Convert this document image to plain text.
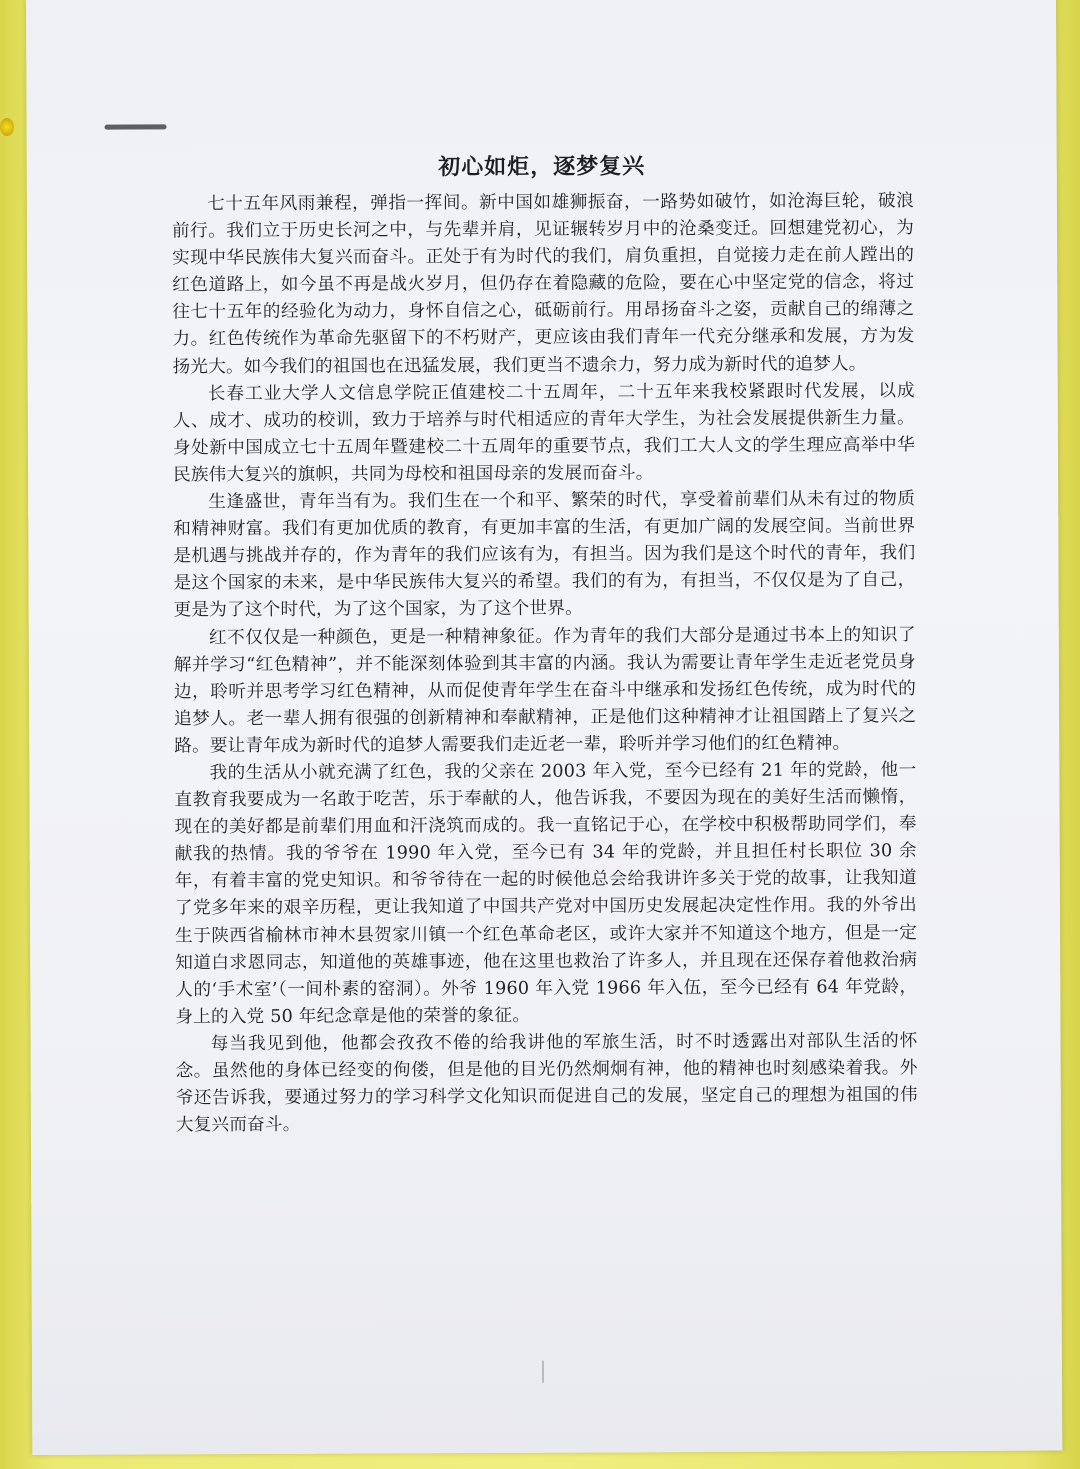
初心如炬，逐梦复兴

七十五年风雨兼程，弹指一挥间。新中国如雄狮振奋，一路势如破竹，如沧海巨轮，破浪前行。我们立于历史长河之中，与先辈并肩，见证辗转岁月中的沧桑变迁。回想建党初心，为实现中华民族伟大复兴而奋斗。正处于有为时代的我们，肩负重担，自觉接力走在前人蹚出的红色道路上，如今虽不再是战火岁月，但仍存在着隐藏的危险，要在心中坚定党的信念，将过往七十五年的经验化为动力，身怀自信之心，砥砺前行。用昂扬奋斗之姿，贡献自己的绵薄之力。红色传统作为革命先驱留下的不朽财产，更应该由我们青年一代充分继承和发展，方为发扬光大。如今我们的祖国也在迅猛发展，我们更当不遗余力，努力成为新时代的追梦人。

长春工业大学人文信息学院正值建校二十五周年，二十五年来我校紧跟时代发展，以成人、成才、成功的校训，致力于培养与时代相适应的青年大学生，为社会发展提供新生力量。身处新中国成立七十五周年暨建校二十五周年的重要节点，我们工大人文的学生理应高举中华民族伟大复兴的旗帜，共同为母校和祖国母亲的发展而奋斗。

生逢盛世，青年当有为。我们生在一个和平、繁荣的时代，享受着前辈们从未有过的物质和精神财富。我们有更加优质的教育，有更加丰富的生活，有更加广阔的发展空间。当前世界是机遇与挑战并存的，作为青年的我们应该有为，有担当。因为我们是这个时代的青年，我们是这个国家的未来，是中华民族伟大复兴的希望。我们的有为，有担当，不仅仅是为了自己，更是为了这个时代，为了这个国家，为了这个世界。

红不仅仅是一种颜色，更是一种精神象征。作为青年的我们大部分是通过书本上的知识了解并学习“红色精神”，并不能深刻体验到其丰富的内涵。我认为需要让青年学生走近老党员身边，聆听并思考学习红色精神，从而促使青年学生在奋斗中继承和发扬红色传统，成为时代的追梦人。老一辈人拥有很强的创新精神和奉献精神，正是他们这种精神才让祖国踏上了复兴之路。要让青年成为新时代的追梦人需要我们走近老一辈，聆听并学习他们的红色精神。

我的生活从小就充满了红色，我的父亲在 2003 年入党，至今已经有 21 年的党龄，他一直教育我要成为一名敢于吃苦，乐于奉献的人，他告诉我，不要因为现在的美好生活而懒惰，现在的美好都是前辈们用血和汗浇筑而成的。我一直铭记于心，在学校中积极帮助同学们，奉献我的热情。我的爷爷在 1990 年入党，至今已有 34 年的党龄，并且担任村长职位 30 余年，有着丰富的党史知识。和爷爷待在一起的时候他总会给我讲许多关于党的故事，让我知道了党多年来的艰辛历程，更让我知道了中国共产党对中国历史发展起决定性作用。我的外爷出生于陕西省榆林市神木县贺家川镇一个红色革命老区，或许大家并不知道这个地方，但是一定知道白求恩同志，知道他的英雄事迹，他在这里也救治了许多人，并且现在还保存着他救治病人的‘手术室’（一间朴素的窑洞）。外爷 1960 年入党 1966 年入伍，至今已经有 64 年党龄，身上的入党 50 年纪念章是他的荣誉的象征。

每当我见到他，他都会孜孜不倦的给我讲他的军旅生活，时不时透露出对部队生活的怀念。虽然他的身体已经变的佝偻，但是他的目光仍然炯炯有神，他的精神也时刻感染着我。外爷还告诉我，要通过努力的学习科学文化知识而促进自己的发展，坚定自己的理想为祖国的伟大复兴而奋斗。
